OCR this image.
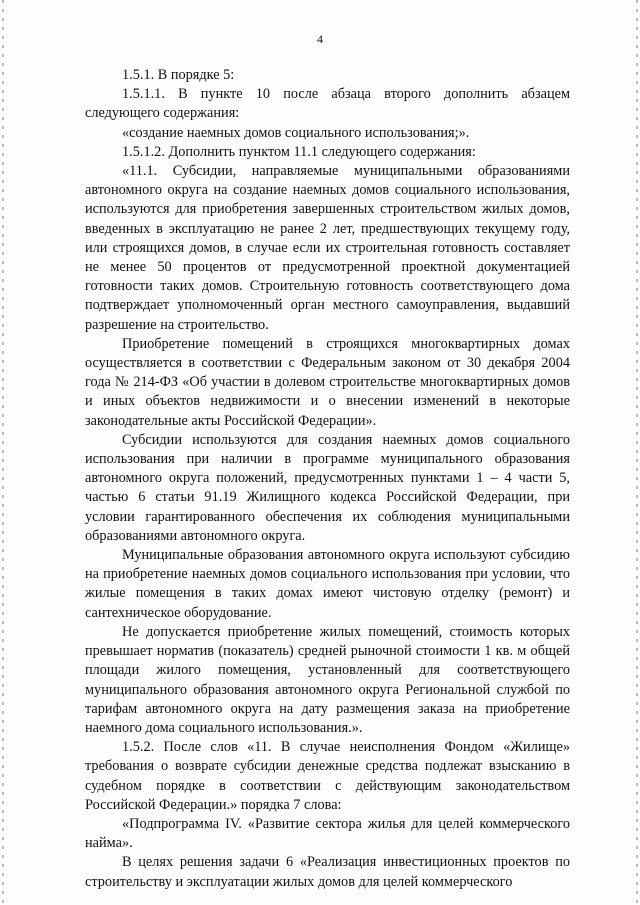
4

1.5.1. В порядке 5:

1.5.1.1. В пункте 10 после абзаца второго дополнить абзацем следующего содержания:

«создание наемных домов социального использования;».

1.5.1.2. Дополнить пунктом 11.1 следующего содержания:

«11.1. Субсидии, направляемые муниципальными образованиями автономного округа на создание наемных домов социального использования, используются для приобретения завершенных строительством жилых домов, введенных в эксплуатацию не ранее 2 лет, предшествующих текущему году, или строящихся домов, в случае если их строительная готовность составляет не менее 50 процентов от предусмотренной проектной документацией готовности таких домов. Строительную готовность соответствующего дома подтверждает уполномоченный орган местного самоуправления, выдавший разрешение на строительство.

Приобретение помещений в строящихся многоквартирных домах осуществляется в соответствии с Федеральным законом от 30 декабря 2004 года № 214-ФЗ «Об участии в долевом строительстве многоквартирных домов и иных объектов недвижимости и о внесении изменений в некоторые законодательные акты Российской Федерации».

Субсидии используются для создания наемных домов социального использования при наличии в программе муниципального образования автономного округа положений, предусмотренных пунктами 1 – 4 части 5, частью 6 статьи 91.19 Жилищного кодекса Российской Федерации, при условии гарантированного обеспечения их соблюдения муниципальными образованиями автономного округа.

Муниципальные образования автономного округа используют субсидию на приобретение наемных домов социального использования при условии, что жилые помещения в таких домах имеют чистовую отделку (ремонт) и сантехническое оборудование.

Не допускается приобретение жилых помещений, стоимость которых превышает норматив (показатель) средней рыночной стоимости 1 кв. м общей площади жилого помещения, установленный для соответствующего муниципального образования автономного округа Региональной службой по тарифам автономного округа на дату размещения заказа на приобретение наемного дома социального использования.».

1.5.2. После слов «11. В случае неисполнения Фондом «Жилище» требования о возврате субсидии денежные средства подлежат взысканию в судебном порядке в соответствии с действующим законодательством Российской Федерации.» порядка 7 слова:

«Подпрограмма IV. «Развитие сектора жилья для целей коммерческого найма».

В целях решения задачи 6 «Реализация инвестиционных проектов по строительству и эксплуатации жилых домов для целей коммерческого
